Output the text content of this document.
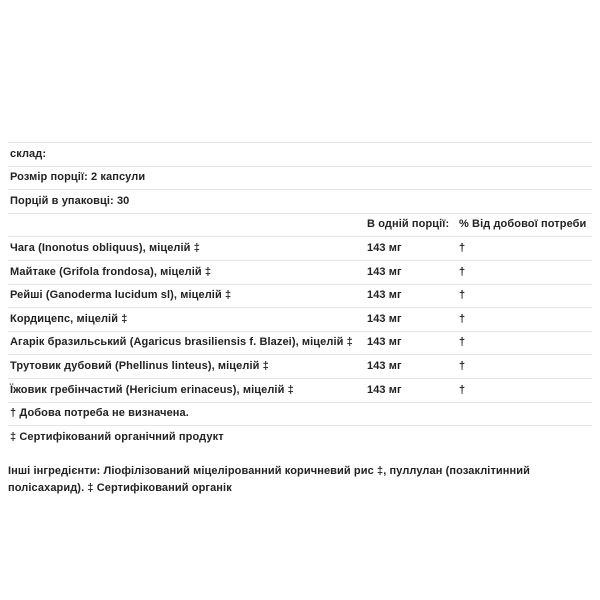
склад:		
Розмір порції: 2 капсули		
Порцій в упаковці: 30		
	В одній порції:	% Від добової потреби
Чага (Inonotus obliquus), міцелій ‡	143 мг	†
Майтаке (Grifola frondosa), міцелій ‡	143 мг	†
Рейші (Ganoderma lucidum sl), міцелій ‡	143 мг	†
Кордицепс, міцелій ‡	143 мг	†
Агарік бразильський (Agaricus brasiliensis f. Blazei), міцелій ‡	143 мг	†
Трутовик дубовий (Phellinus linteus), міцелій ‡	143 мг	†
Їжовик гребінчастий (Hericium erinaceus), міцелій ‡	143 мг	†
† Добова потреба не визначена.		
‡ Сертифікований органічний продукт		
Інші інгредієнти: Ліофілізований міцелірованний коричневий рис ‡, пуллулан (позаклітинний полісахарид). ‡ Сертифікований органік
